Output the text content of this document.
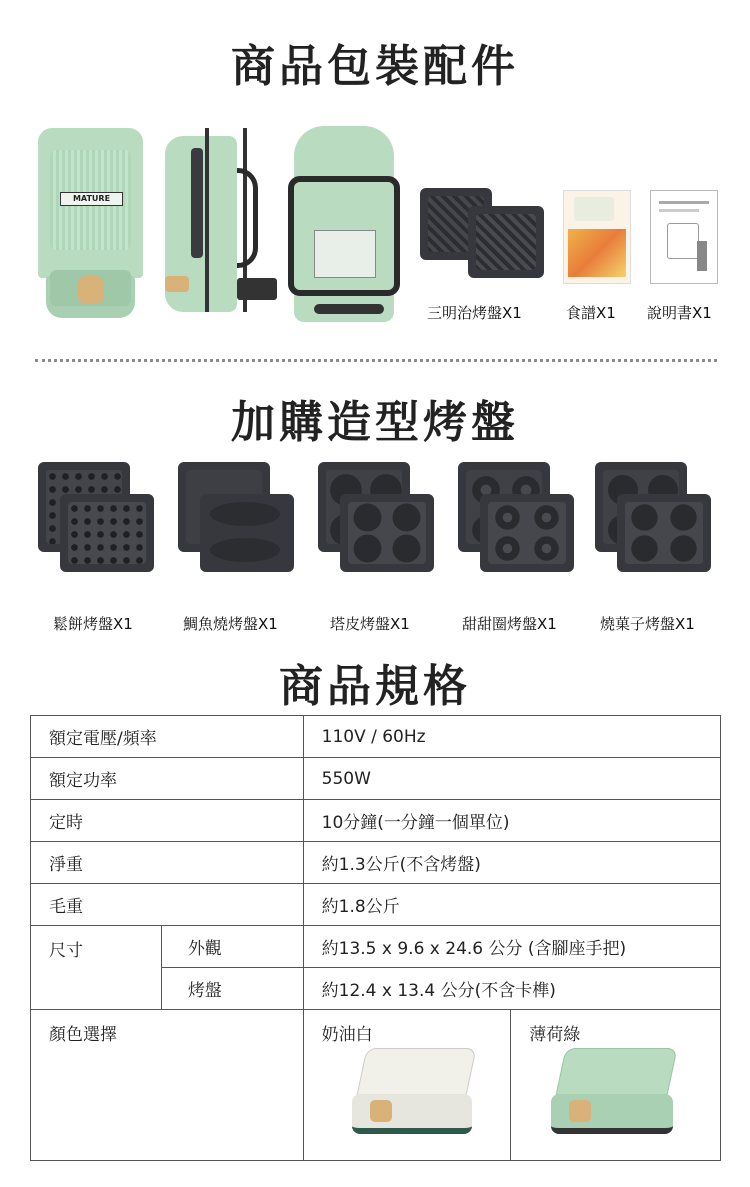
商品包裝配件
MATURE
三明治烤盤X1	食譜X1 說明書X1
加購造型烤盤
鬆餅烤盤X1	鯛魚燒烤盤X1	塔皮烤盤X1	甜甜圈烤盤X1	燒菓子烤盤X1
商品規格
額定電壓/頻率		110V / 60Hz	
額定功率		550W	
定時		10分鐘(一分鐘一個單位)	
淨重		約1.3公斤(不含烤盤)	
毛重		約1.8公斤	
尺寸	外觀	約13.5 x 9.6 x 24.6 公分 (含腳座手把)	
	烤盤	約12.4 x 13.4 公分(不含卡榫)	
顏色選擇		奶油白	薄荷綠
